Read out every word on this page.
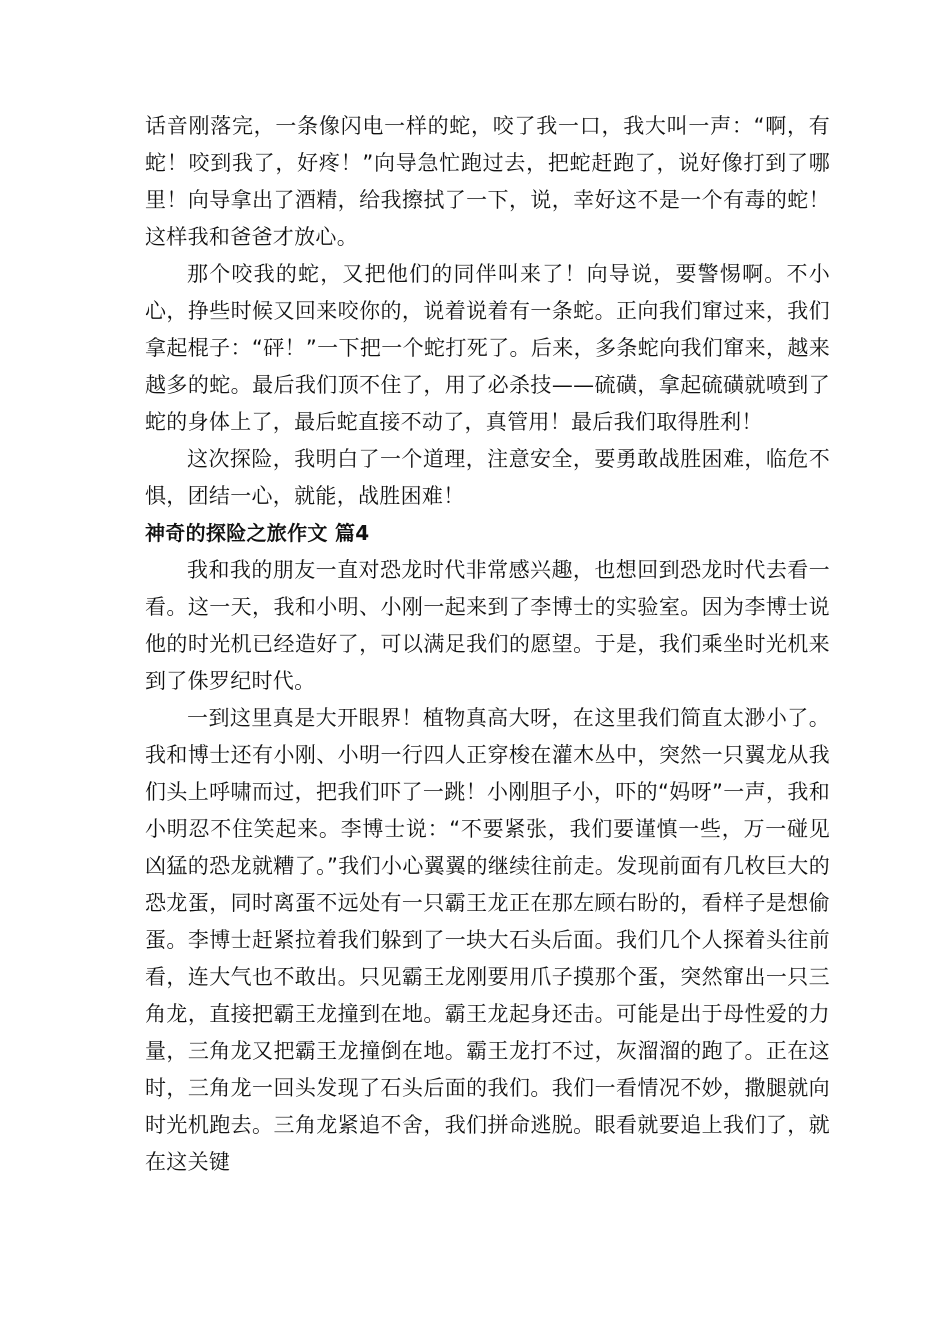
话音刚落完，一条像闪电一样的蛇，咬了我一口，我大叫一声：“啊，有蛇！咬到我了，好疼！”向导急忙跑过去，把蛇赶跑了，说好像打到了哪里！向导拿出了酒精，给我擦拭了一下，说，幸好这不是一个有毒的蛇！这样我和爸爸才放心。

那个咬我的蛇，又把他们的同伴叫来了！向导说，要警惕啊。不小心，挣些时候又回来咬你的，说着说着有一条蛇。正向我们窜过来，我们拿起棍子：“砰！”一下把一个蛇打死了。后来，多条蛇向我们窜来，越来越多的蛇。最后我们顶不住了，用了必杀技——硫磺，拿起硫磺就喷到了蛇的身体上了，最后蛇直接不动了，真管用！最后我们取得胜利！

这次探险，我明白了一个道理，注意安全，要勇敢战胜困难，临危不惧，团结一心，就能，战胜困难！

神奇的探险之旅作文 篇4

我和我的朋友一直对恐龙时代非常感兴趣，也想回到恐龙时代去看一看。这一天，我和小明、小刚一起来到了李博士的实验室。因为李博士说他的时光机已经造好了，可以满足我们的愿望。于是，我们乘坐时光机来到了侏罗纪时代。

一到这里真是大开眼界！植物真高大呀，在这里我们简直太渺小了。我和博士还有小刚、小明一行四人正穿梭在灌木丛中，突然一只翼龙从我们头上呼啸而过，把我们吓了一跳！小刚胆子小，吓的“妈呀”一声，我和小明忍不住笑起来。李博士说：“不要紧张，我们要谨慎一些，万一碰见凶猛的恐龙就糟了。”我们小心翼翼的继续往前走。发现前面有几枚巨大的恐龙蛋，同时离蛋不远处有一只霸王龙正在那左顾右盼的，看样子是想偷蛋。李博士赶紧拉着我们躲到了一块大石头后面。我们几个人探着头往前看，连大气也不敢出。只见霸王龙刚要用爪子摸那个蛋，突然窜出一只三角龙，直接把霸王龙撞到在地。霸王龙起身还击。可能是出于母性爱的力量，三角龙又把霸王龙撞倒在地。霸王龙打不过，灰溜溜的跑了。正在这时，三角龙一回头发现了石头后面的我们。我们一看情况不妙，撒腿就向时光机跑去。三角龙紧追不舍，我们拼命逃脱。眼看就要追上我们了，就在这关键
